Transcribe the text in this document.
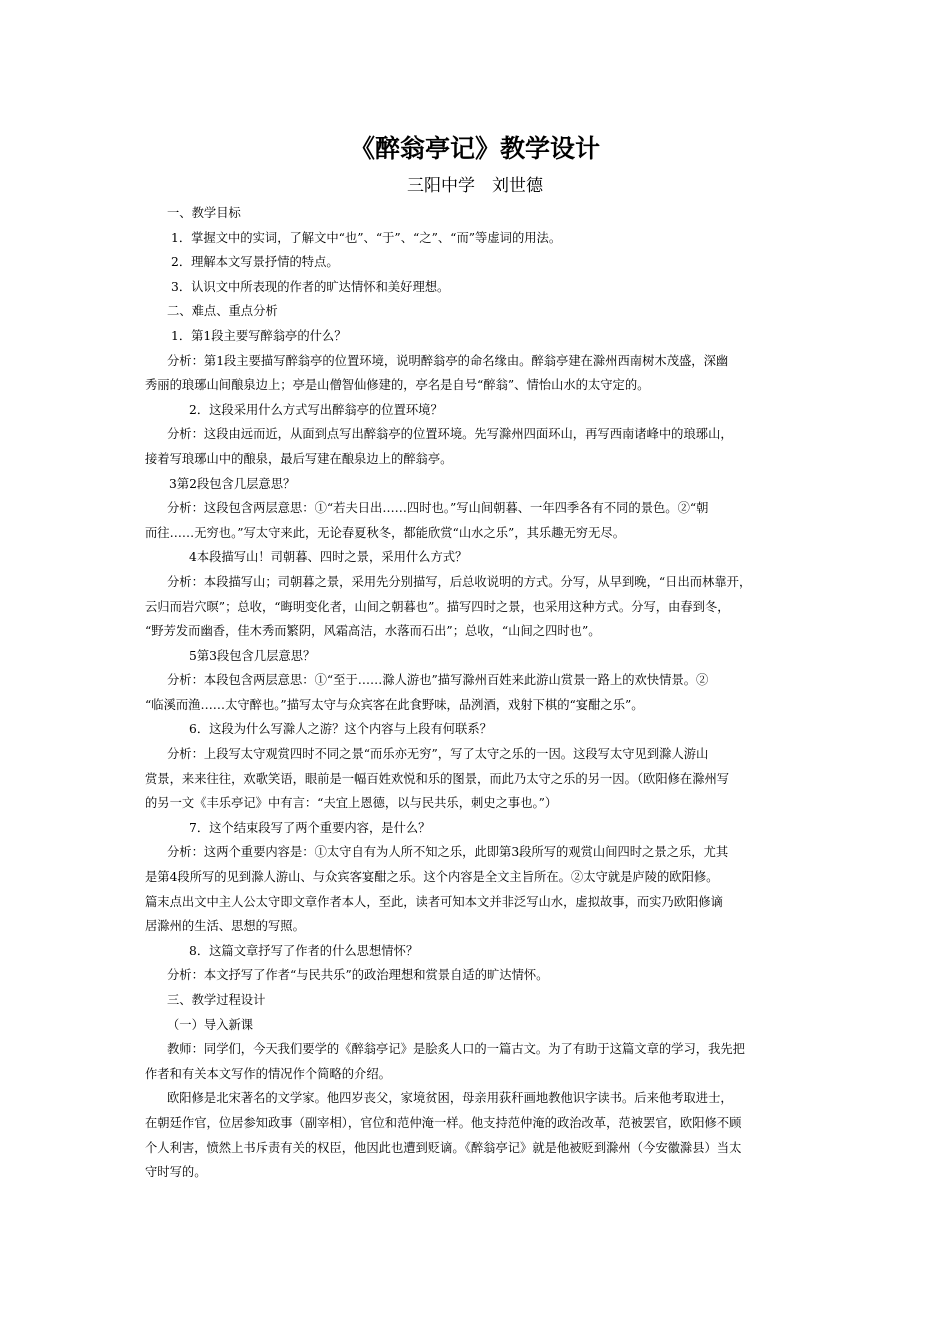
《醉翁亭记》教学设计
三阳中学　刘世德
一、教学目标
1．掌握文中的实词，了解文中“也”、“于”、“之”、“而”等虚词的用法。
2．理解本文写景抒情的特点。
3．认识文中所表现的作者的旷达情怀和美好理想。
二、难点、重点分析
1．第1段主要写醉翁亭的什么？
分析：第1段主要描写醉翁亭的位置环境，说明醉翁亭的命名缘由。醉翁亭建在滁州西南树木茂盛，深幽
秀丽的琅琊山间酿泉边上；亭是山僧智仙修建的，亭名是自号“醉翁”、情怡山水的太守定的。
2．这段采用什么方式写出醉翁亭的位置环境？
分析：这段由远而近，从面到点写出醉翁亭的位置环境。先写滁州四面环山，再写西南诸峰中的琅琊山，
接着写琅琊山中的酿泉，最后写建在酿泉边上的醉翁亭。
3第2段包含几层意思？
分析：这段包含两层意思：①“若夫日出……四时也。”写山间朝暮、一年四季各有不同的景色。②“朝
而往……无穷也。”写太守来此，无论春夏秋冬，都能欣赏“山水之乐”，其乐趣无穷无尽。
4本段描写山！司朝暮、四时之景，采用什么方式？
分析：本段描写山；司朝暮之景，采用先分别描写，后总收说明的方式。分写，从早到晚，“日出而林靠开，
云归而岩穴暝”；总收，“晦明变化者，山间之朝暮也”。描写四时之景，也采用这种方式。分写，由春到冬，
“野芳发而幽香，佳木秀而繁阴，风霜高洁，水落而石出”；总收，“山间之四时也”。
5第3段包含几层意思？
分析：本段包含两层意思：①“至于……滁人游也”描写滁州百姓来此游山赏景一路上的欢快情景。②
“临溪而渔……太守醉也。”描写太守与众宾客在此食野味，品洌酒，戏射下棋的“宴酣之乐”。
6．这段为什么写滁人之游？这个内容与上段有何联系？
分析：上段写太守观赏四时不同之景“而乐亦无穷”，写了太守之乐的一因。这段写太守见到滁人游山
赏景，来来往往，欢歌笑语，眼前是一幅百姓欢悦和乐的图景，而此乃太守之乐的另一因。（欧阳修在滁州写
的另一文《丰乐亭记》中有言：“夫宜上恩德，以与民共乐，刺史之事也。”）
7．这个结束段写了两个重要内容，是什么？
分析：这两个重要内容是：①太守自有为人所不知之乐，此即第3段所写的观赏山间四时之景之乐，尤其
是第4段所写的见到滁人游山、与众宾客宴酣之乐。这个内容是全文主旨所在。②太守就是庐陵的欧阳修。
篇末点出文中主人公太守即文章作者本人，至此，读者可知本文并非泛写山水，虚拟故事，而实乃欧阳修谪
居滁州的生活、思想的写照。
8．这篇文章抒写了作者的什么思想情怀？
分析：本文抒写了作者“与民共乐”的政治理想和赏景自适的旷达情怀。
三、教学过程设计
（一）导入新课
教师：同学们，今天我们要学的《醉翁亭记》是脍炙人口的一篇古文。为了有助于这篇文章的学习，我先把
作者和有关本文写作的情况作个简略的介绍。
欧阳修是北宋著名的文学家。他四岁丧父，家境贫困，母亲用荻秆画地教他识字读书。后来他考取进士，
在朝廷作官，位居参知政事（副宰相），官位和范仲淹一样。他支持范仲淹的政治改革，范被罢官，欧阳修不顾
个人利害，愤然上书斥责有关的权臣，他因此也遭到贬谪。《醉翁亭记》就是他被贬到滁州（今安徽滁县）当太
守时写的。
